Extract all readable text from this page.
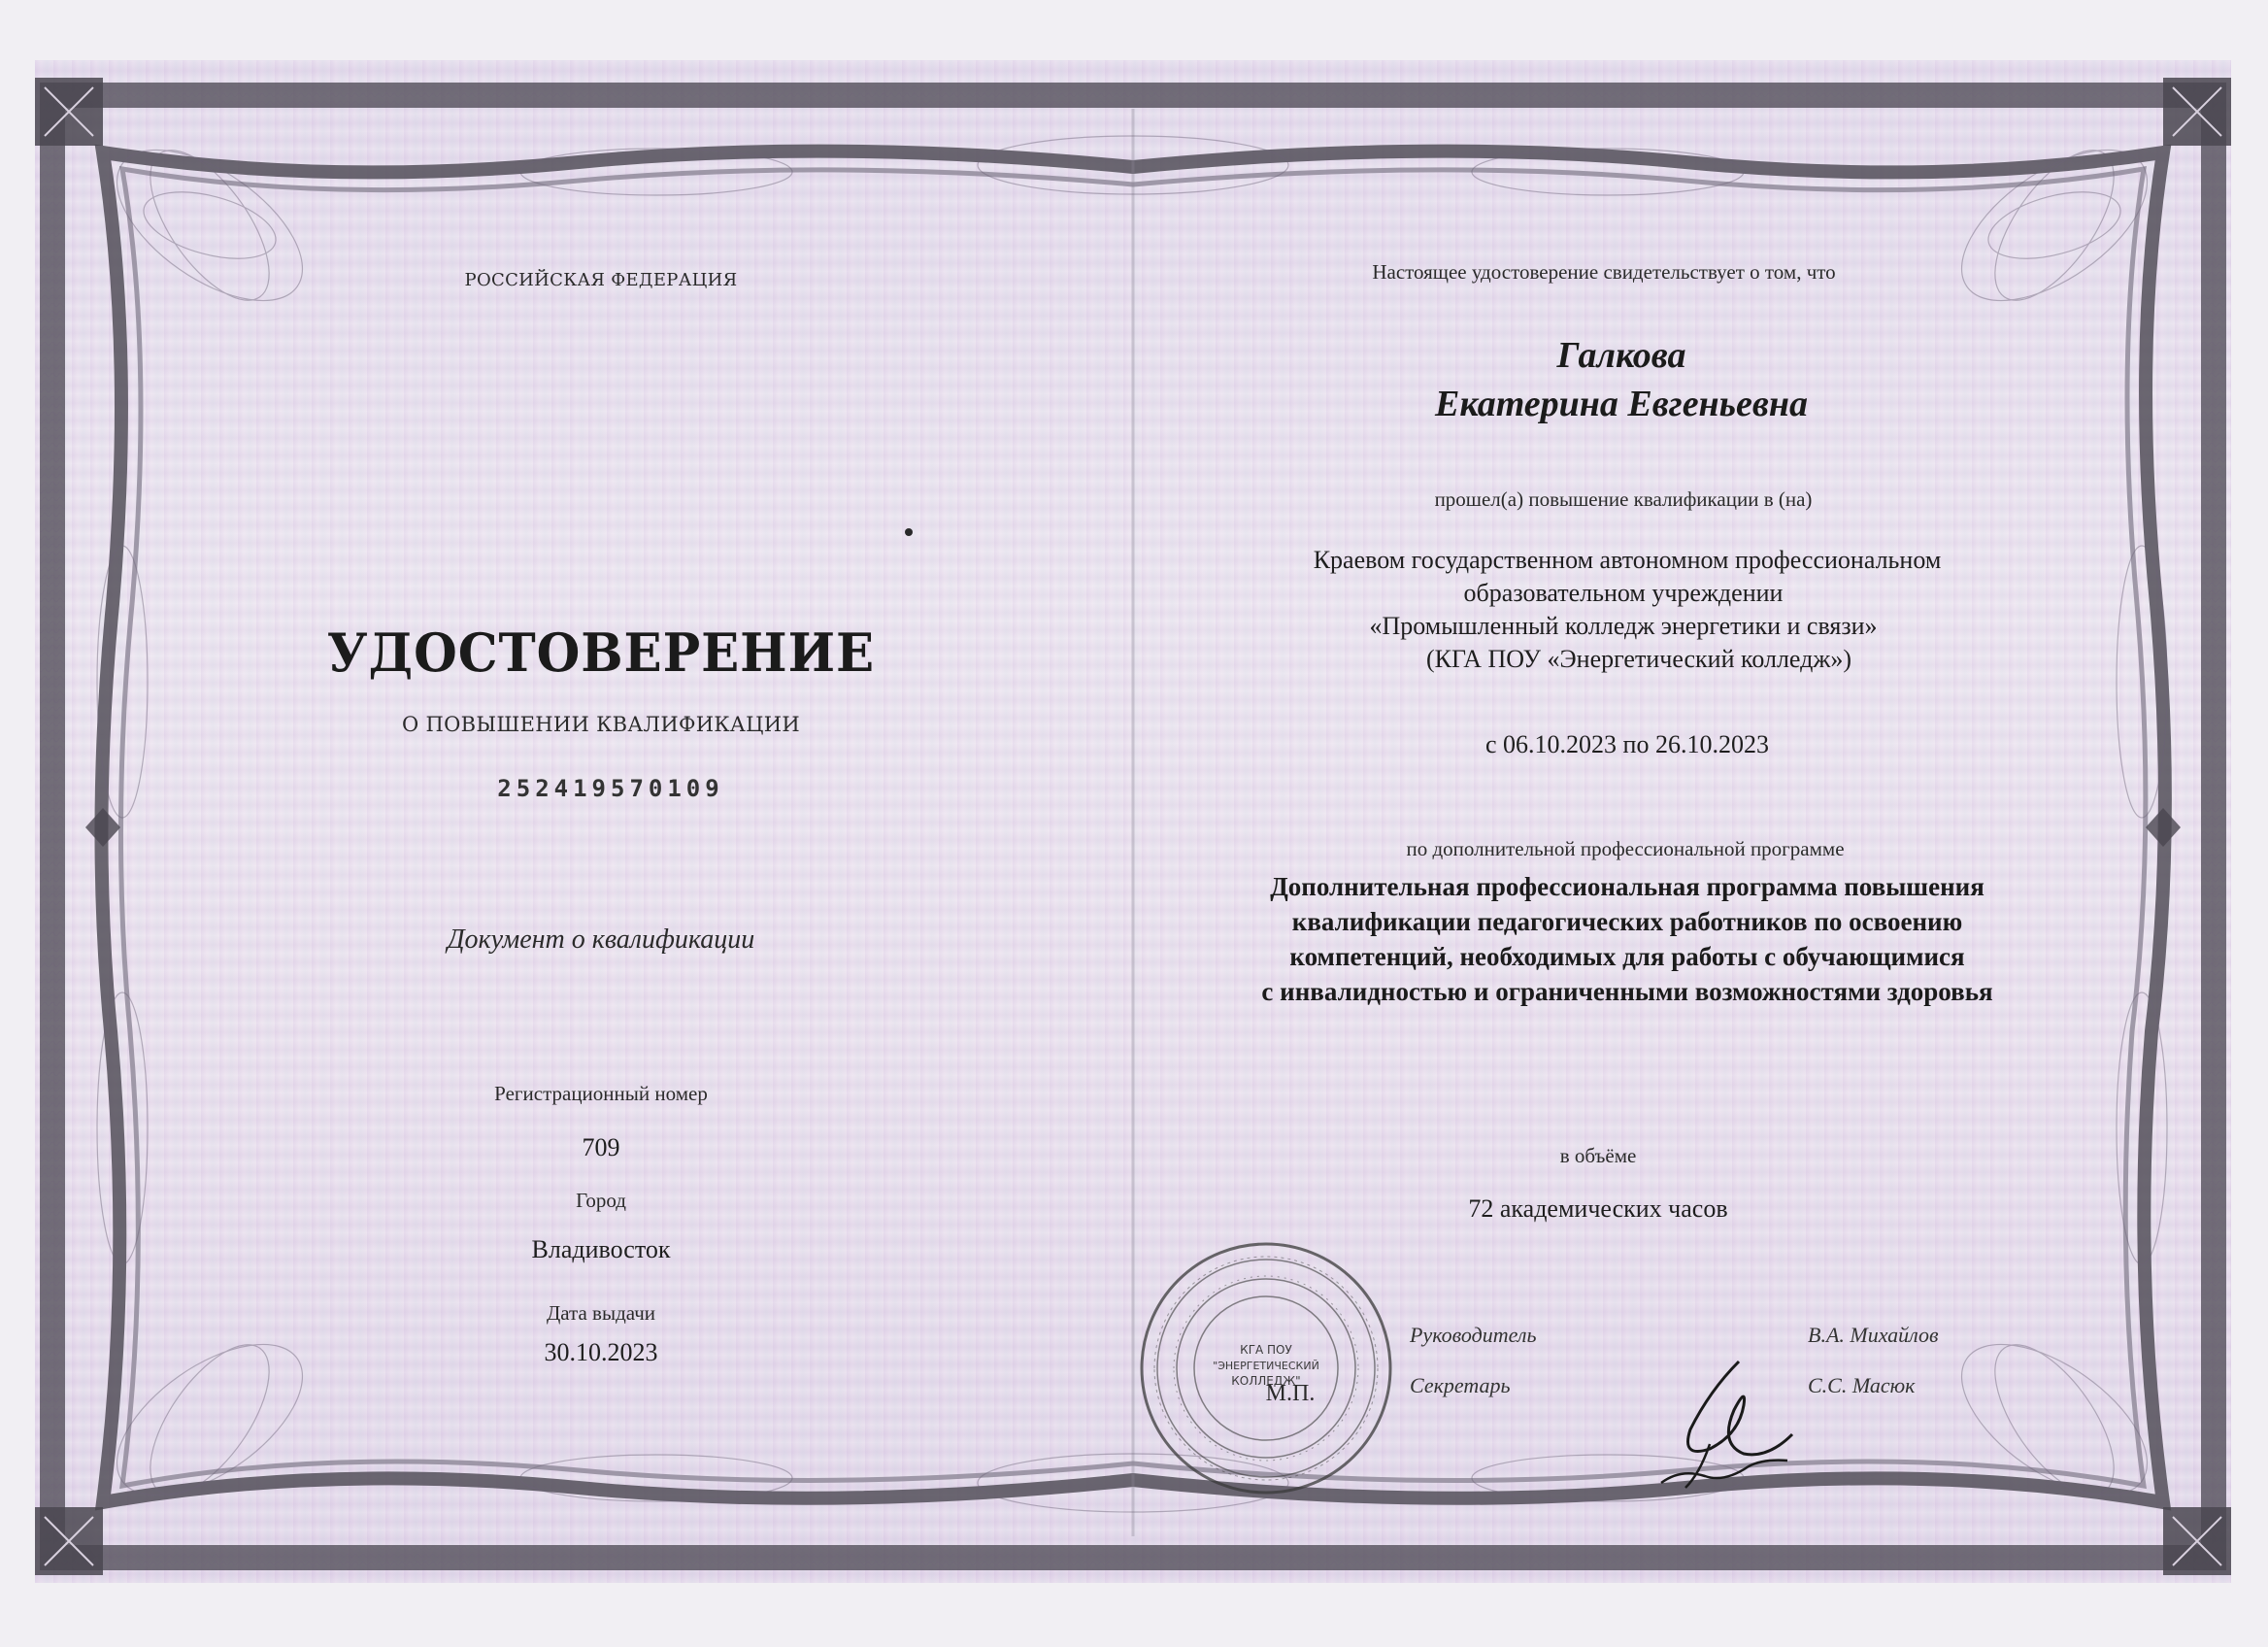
РОССИЙСКАЯ ФЕДЕРАЦИЯ
УДОСТОВЕРЕНИЕ
О ПОВЫШЕНИИ КВАЛИФИКАЦИИ
252419570109
Документ о квалификации
Регистрационный номер
709
Город
Владивосток
Дата выдачи
30.10.2023
Настоящее удостоверение свидетельствует о том, что
Галкова
Екатерина Евгеньевна
прошел(а) повышение квалификации в (на)
Краевом государственном автономном профессиональном
образовательном учреждении
«Промышленный колледж энергетики и связи»
(КГА ПОУ «Энергетический колледж»)
с 06.10.2023 по 26.10.2023
по дополнительной профессиональной программе
Дополнительная профессиональная программа повышения
квалификации педагогических работников по освоению
компетенций, необходимых для работы с обучающимися
с инвалидностью и ограниченными возможностями здоровья
в объёме
72 академических часов
Руководитель	В.А. Михайлов
Секретарь	С.С. Масюк
КГА ПОУ
"ЭНЕРГЕТИЧЕСКИЙ
КОЛЛЕДЖ"
М.П.
